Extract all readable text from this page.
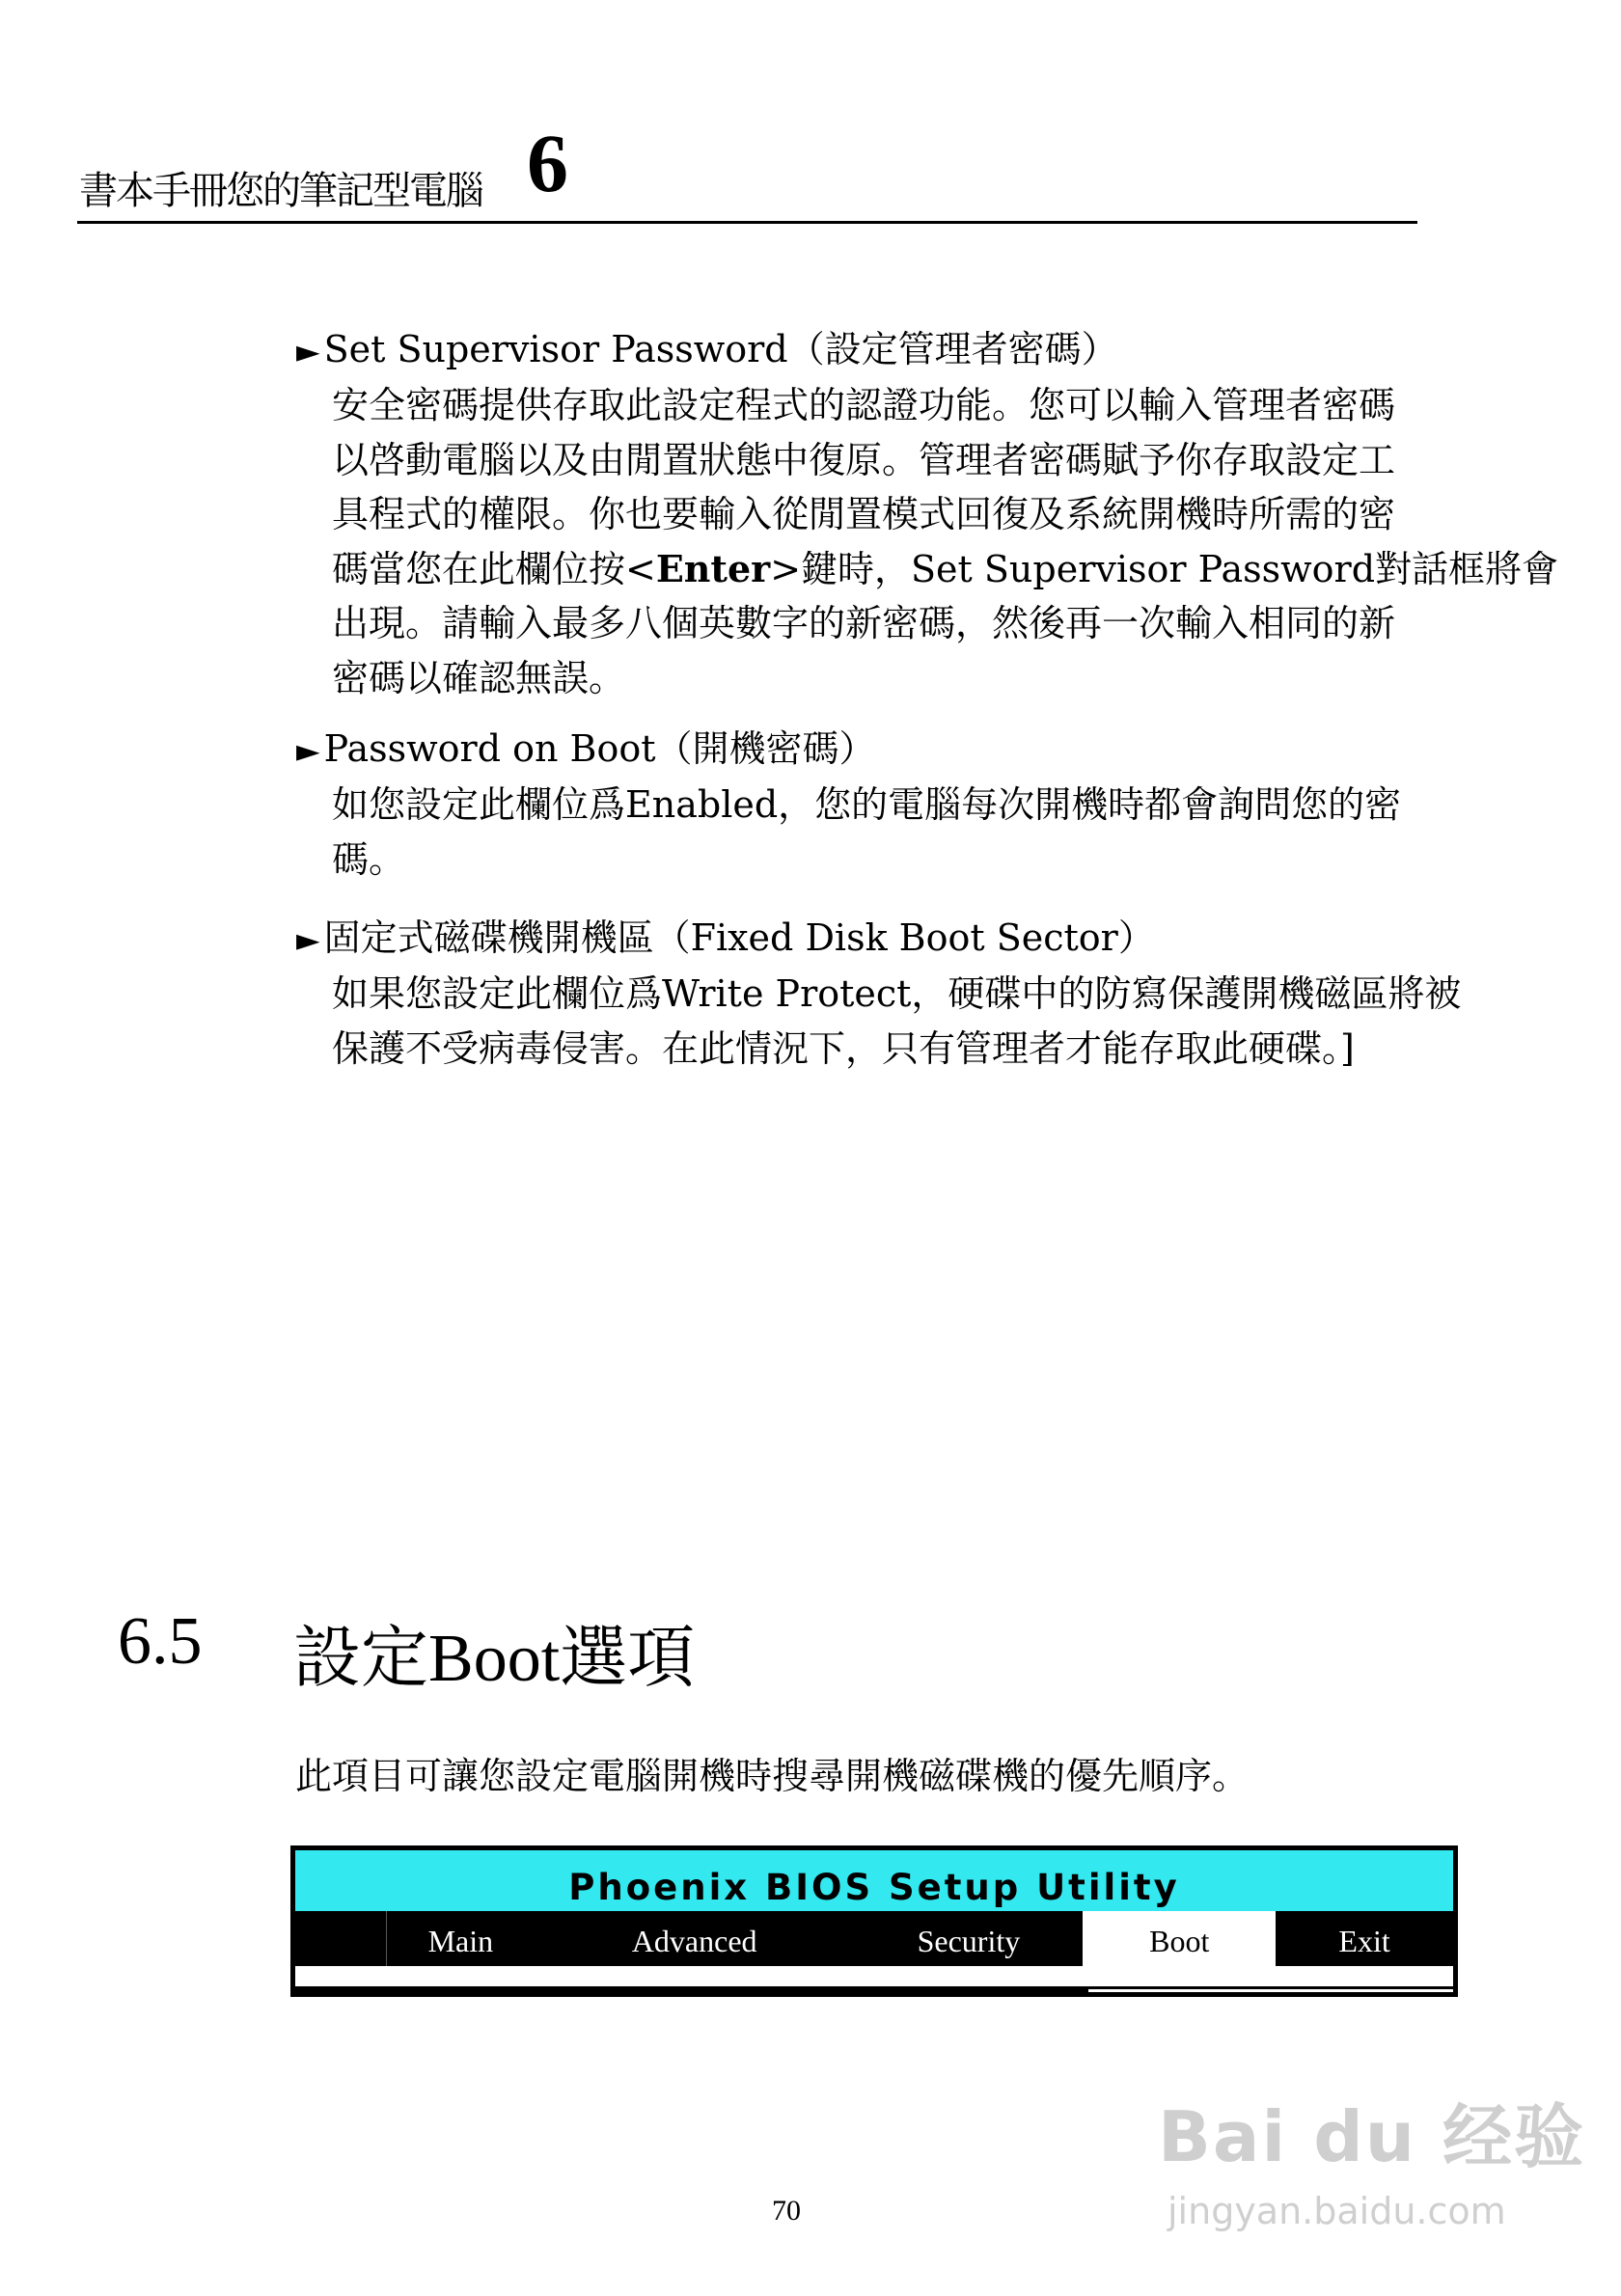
書本手冊您的筆記型電腦 6
► Set Supervisor Password（設定管理者密碼）
安全密碼提供存取此設定程式的認證功能。您可以輸入管理者密碼
以啓動電腦以及由閒置狀態中復原。管理者密碼賦予你存取設定工
具程式的權限。你也要輸入從閒置模式回復及系統開機時所需的密
碼當您在此欄位按<Enter>鍵時，Set Supervisor Password對話框將會
出現。請輸入最多八個英數字的新密碼，然後再一次輸入相同的新
密碼以確認無誤。
► Password on Boot（開機密碼）
如您設定此欄位爲Enabled，您的電腦每次開機時都會詢問您的密
碼。
► 固定式磁碟機開機區（Fixed Disk Boot Sector）
如果您設定此欄位爲Write Protect，硬碟中的防寫保護開機磁區將被
保護不受病毒侵害。在此情況下，只有管理者才能存取此硬碟。]
6.5 設定Boot選項
此項目可讓您設定電腦開機時搜尋開機磁碟機的優先順序。
Phoenix BIOS Setup Utility
Main	Advanced	Security	Boot	Exit
70
Bai du 经验
jingyan.baidu.com
